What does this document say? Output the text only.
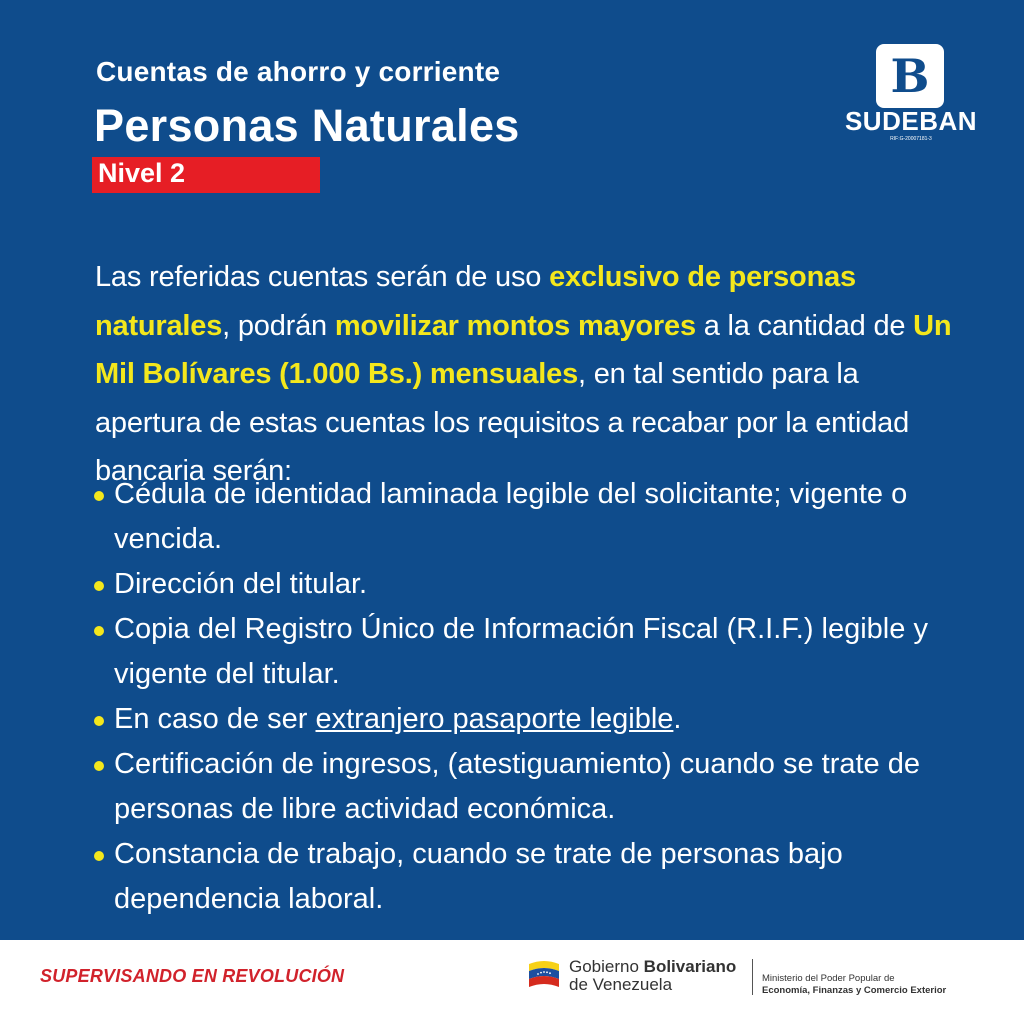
Cuentas de ahorro y corriente
Personas Naturales
Nivel 2
B
SUDEBAN
RIF:G-20007181-3

Las referidas cuentas serán de uso exclusivo de personas naturales, podrán movilizar montos mayores a la cantidad de Un Mil Bolívares (1.000 Bs.) mensuales, en tal sentido para la apertura de estas cuentas los requisitos a recabar por la entidad bancaria serán:

Cédula de identidad laminada legible del solicitante; vigente o vencida.
Dirección del titular.
Copia del Registro Único de Información Fiscal (R.I.F.) legible y vigente del titular.
En caso de ser extranjero pasaporte legible.
Certificación de ingresos, (atestiguamiento) cuando se trate de personas de libre actividad económica.
Constancia de trabajo, cuando se trate de personas bajo dependencia laboral.
SUPERVISANDO EN REVOLUCIÓN	Gobierno Bolivariano
de Venezuela	Ministerio del Poder Popular de
Economía, Finanzas y Comercio Exterior
